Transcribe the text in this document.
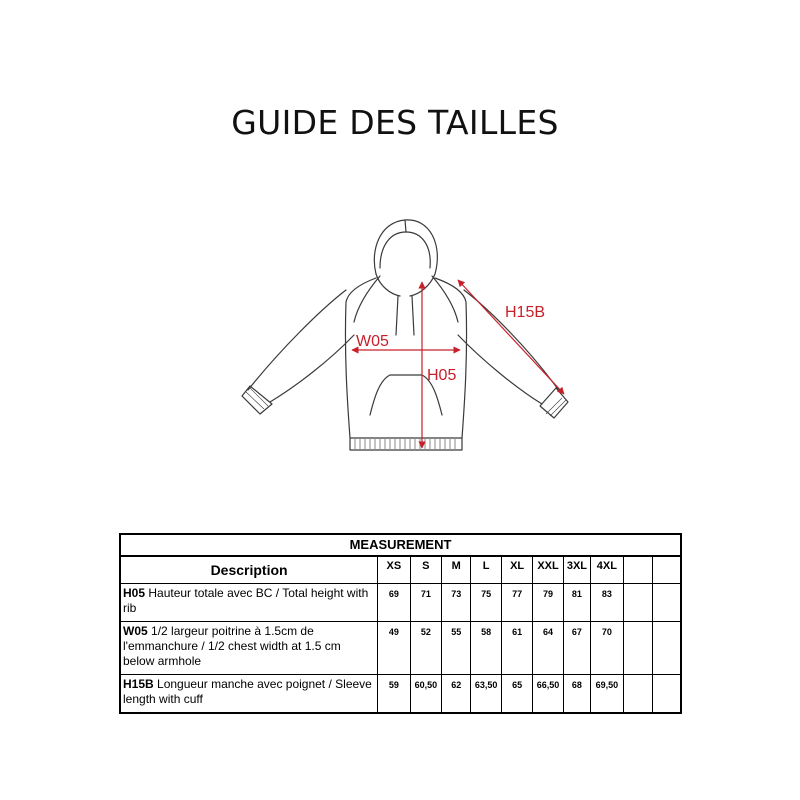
GUIDE DES TAILLES
W05
H05
H15B
MEASUREMENT										
Description	XS	S	M	L	XL	XXL	3XL	4XL		
H05 Hauteur totale avec BC / Total height with rib	69	71	73	75	77	79	81	83		
W05 1/2 largeur poitrine à 1.5cm de l'emmanchure / 1/2 chest width at 1.5 cm below armhole	49	52	55	58	61	64	67	70		
H15B Longueur manche avec poignet / Sleeve length with cuff	59	60,50	62	63,50	65	66,50	68	69,50		
